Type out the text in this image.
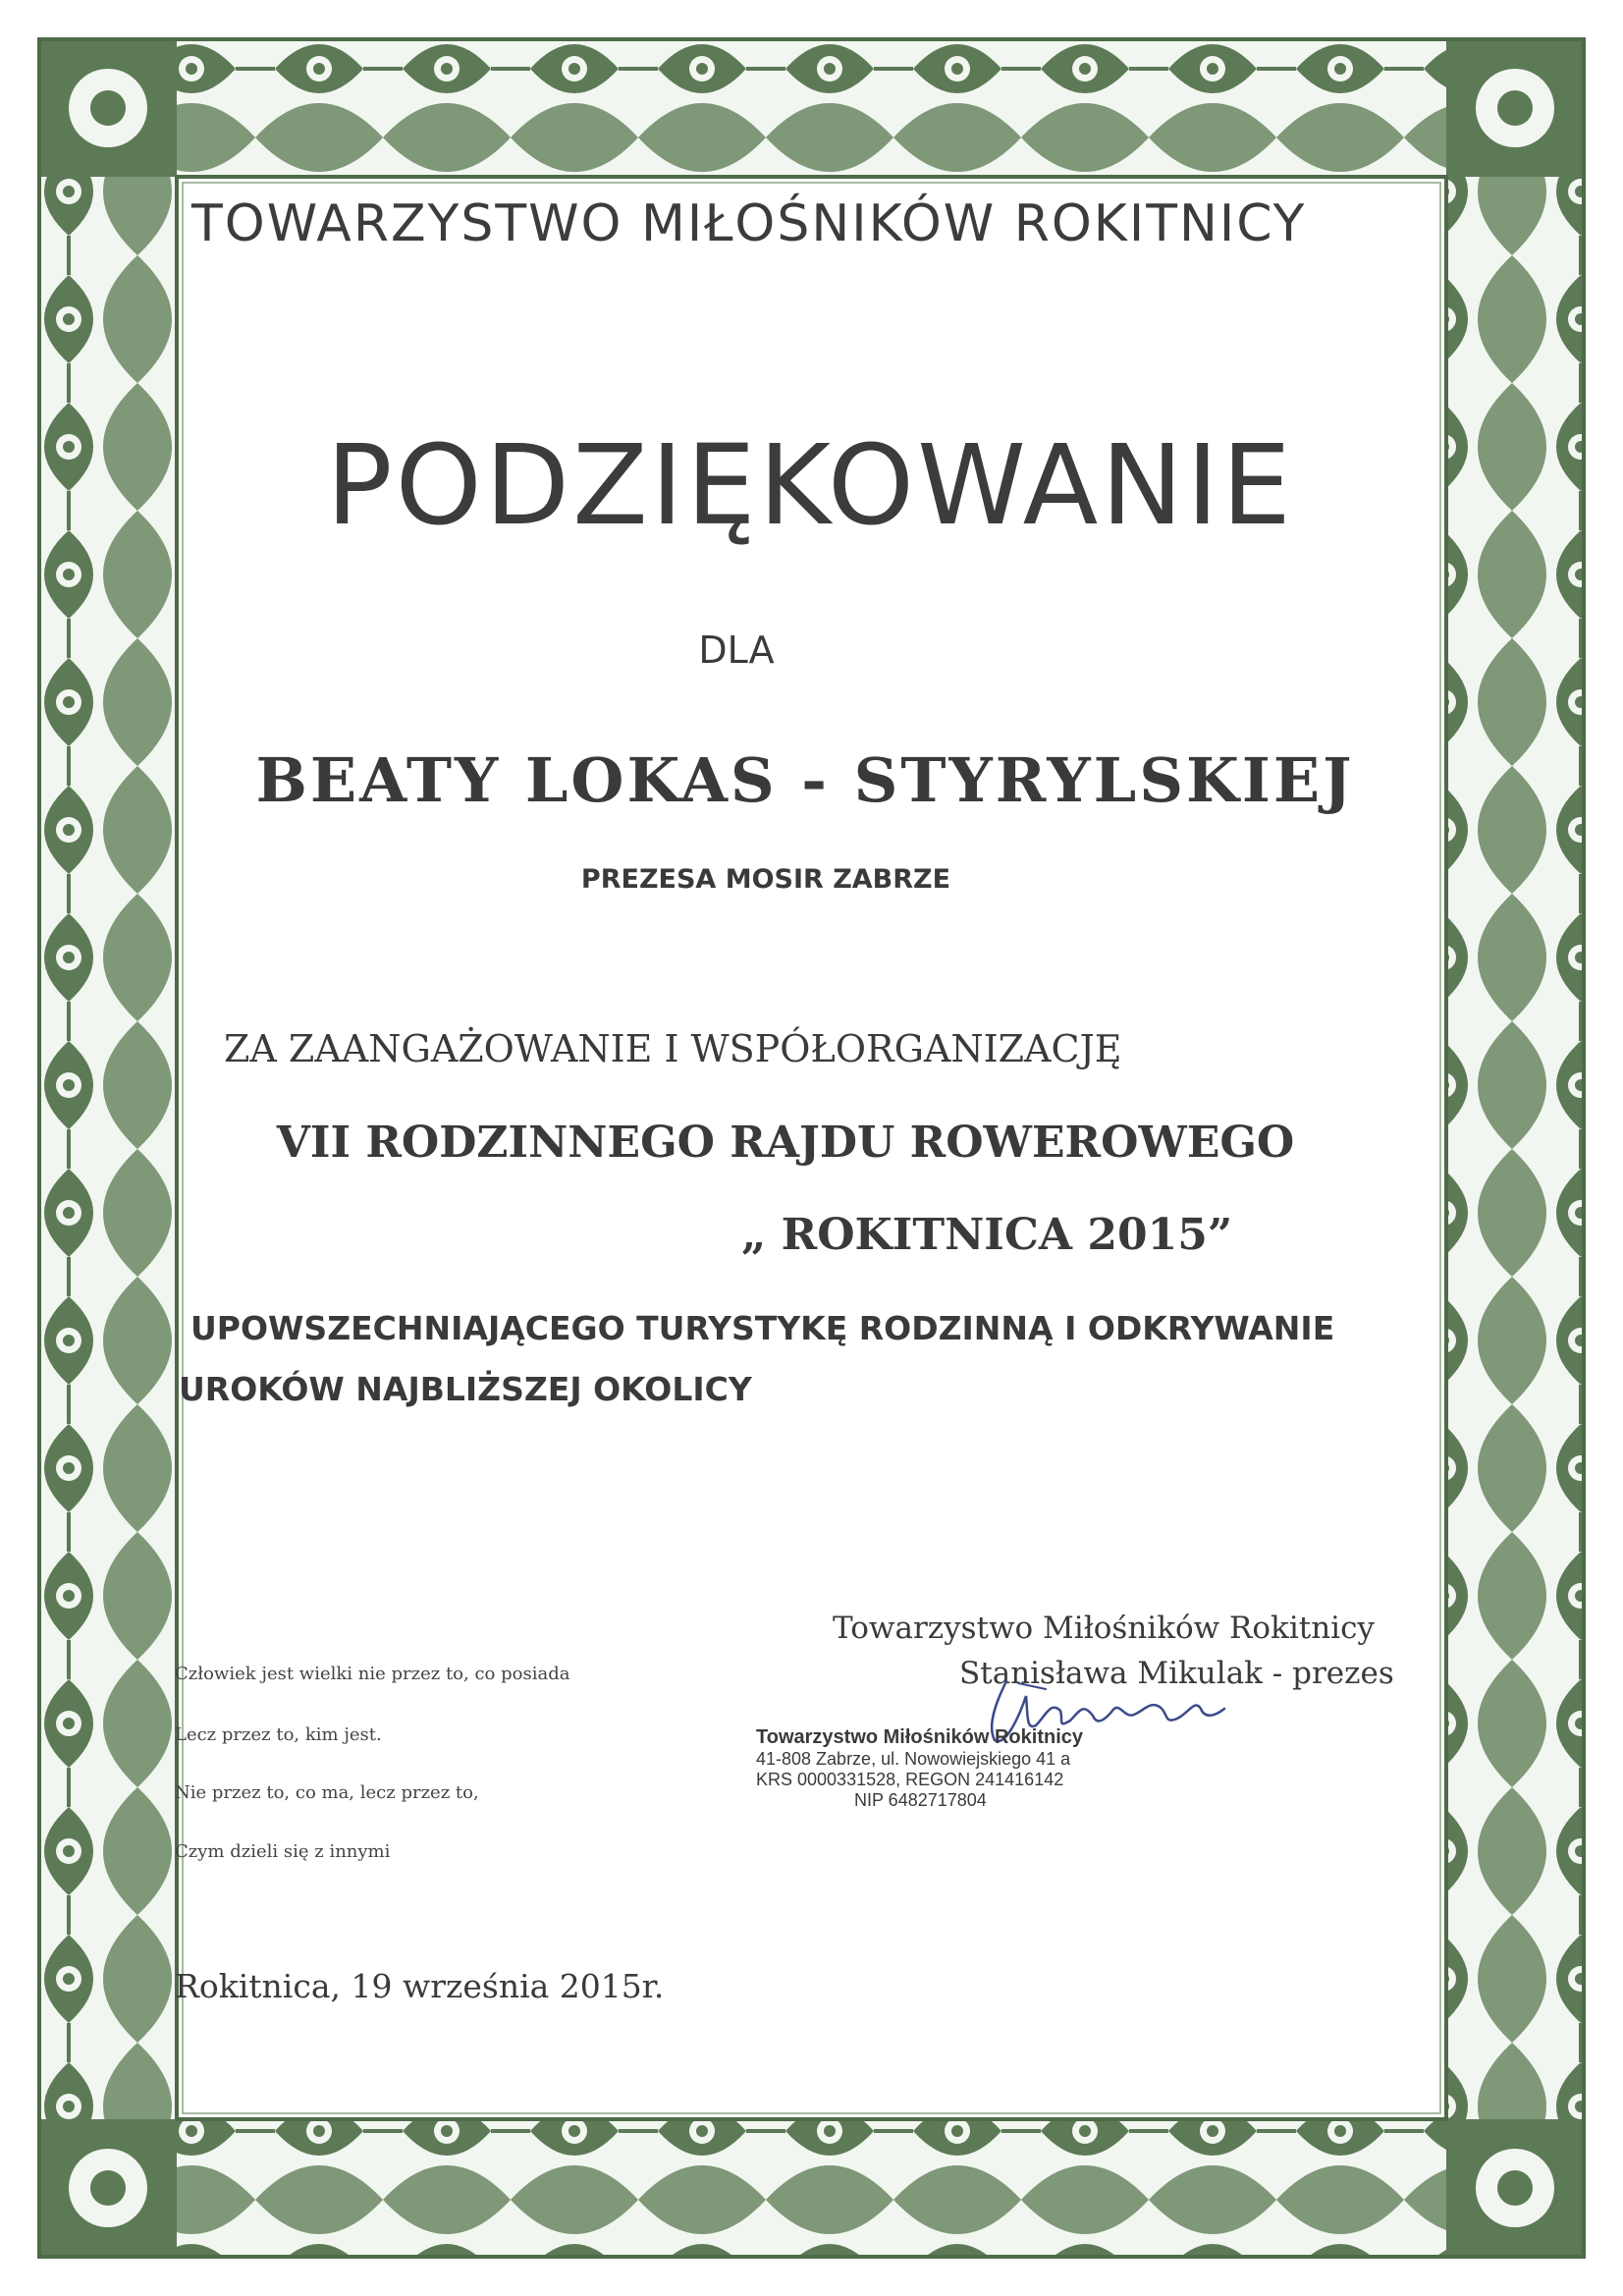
TOWARZYSTWO MIŁOŚNIKÓW ROKITNICY

PODZIĘKOWANIE

DLA

BEATY LOKAS - STYRYLSKIEJ

PREZESA MOSIR ZABRZE

ZA ZAANGAŻOWANIE I WSPÓŁORGANIZACJĘ

VII RODZINNEGO RAJDU ROWEROWEGO

„ ROKITNICA 2015”

UPOWSZECHNIAJĄCEGO TURYSTYKĘ RODZINNĄ I ODKRYWANIE

UROKÓW NAJBLIŻSZEJ OKOLICY

Towarzystwo Miłośników Rokitnicy

Stanisława Mikulak - prezes

Towarzystwo Miłośników Rokitnicy
41-808 Zabrze, ul. Nowowiejskiego 41 a
KRS 0000331528, REGON 241416142
NIP 6482717804

Człowiek jest wielki nie przez to, co posiada

Lecz przez to, kim jest.

Nie przez to, co ma, lecz przez to,

Czym dzieli się z innymi

Rokitnica, 19 września 2015r.
